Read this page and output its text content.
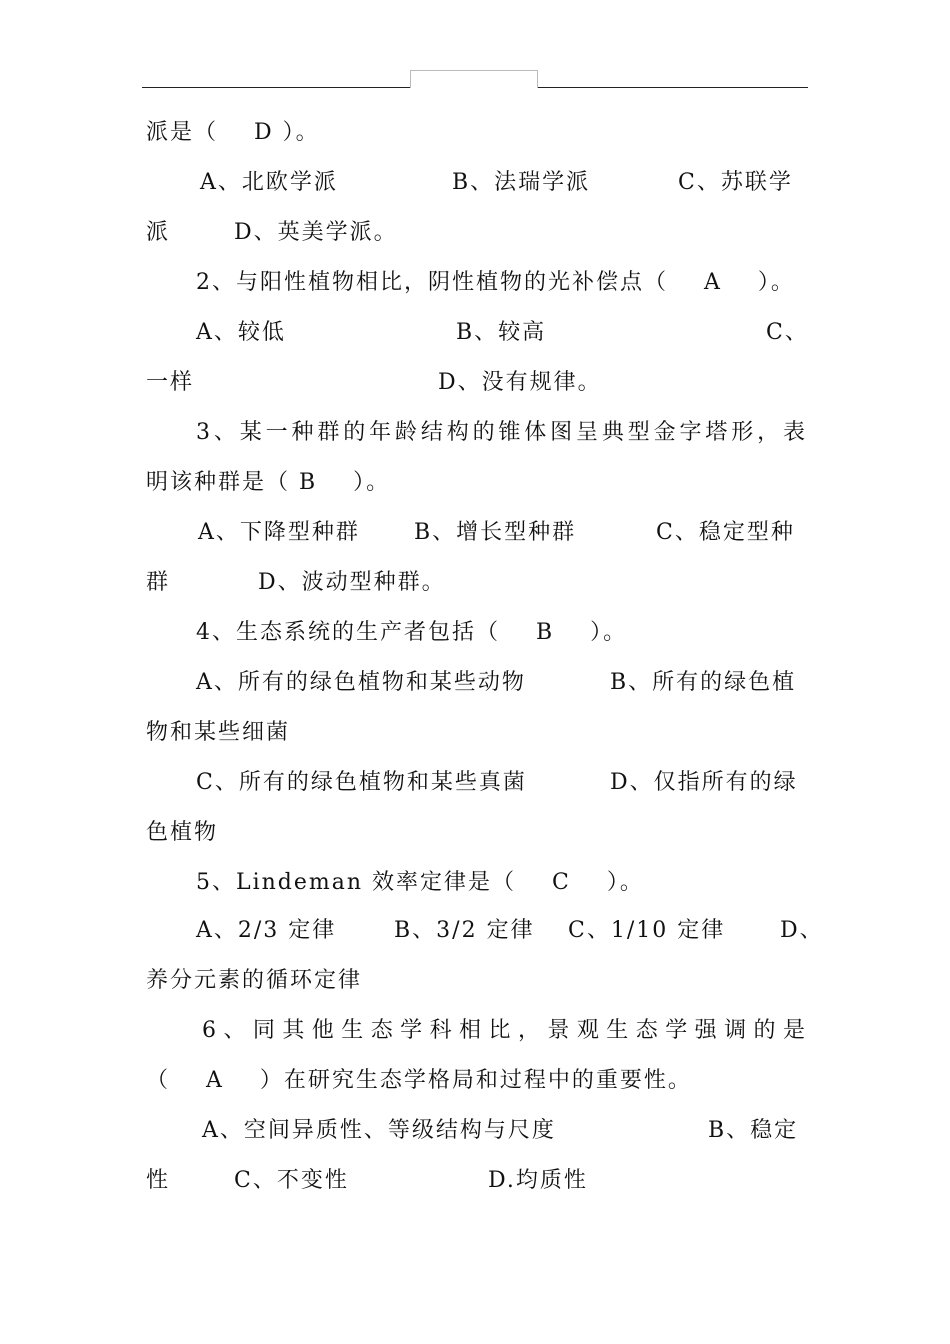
派是（    D ）。

A、北欧学派

	B、法瑞学派

	C、苏联学

派

	D、英美学派。

2、与阳性植物相比，阴性植物的光补偿点（    A    ）。

A、较低

	B、较高

	C、

一样

	D、没有规律。

3、某一种群的年龄结构的锥体图呈典型金字塔形，表
明该种群是（ B    ）。

A、下降型种群

B、增长型种群

	C、稳定型种

群

	D、波动型种群。

4、生态系统的生产者包括（    B    ）。

A、所有的绿色植物和某些动物

	B、所有的绿色植

物和某些细菌

C、所有的绿色植物和某些真菌

	D、仅指所有的绿

色植物
5、Lindeman 效率定律是（    C    ）。

A、2/3 定律

	B、3/2 定律

C、1/10 定律

D、

养分元素的循环定律
6、同其他生态学科相比，景观生态学强调的是
（    A    ）在研究生态学格局和过程中的重要性。

A、空间异质性、等级结构与尺度

	B、稳定

性

	C、不变性

	D.均质性
